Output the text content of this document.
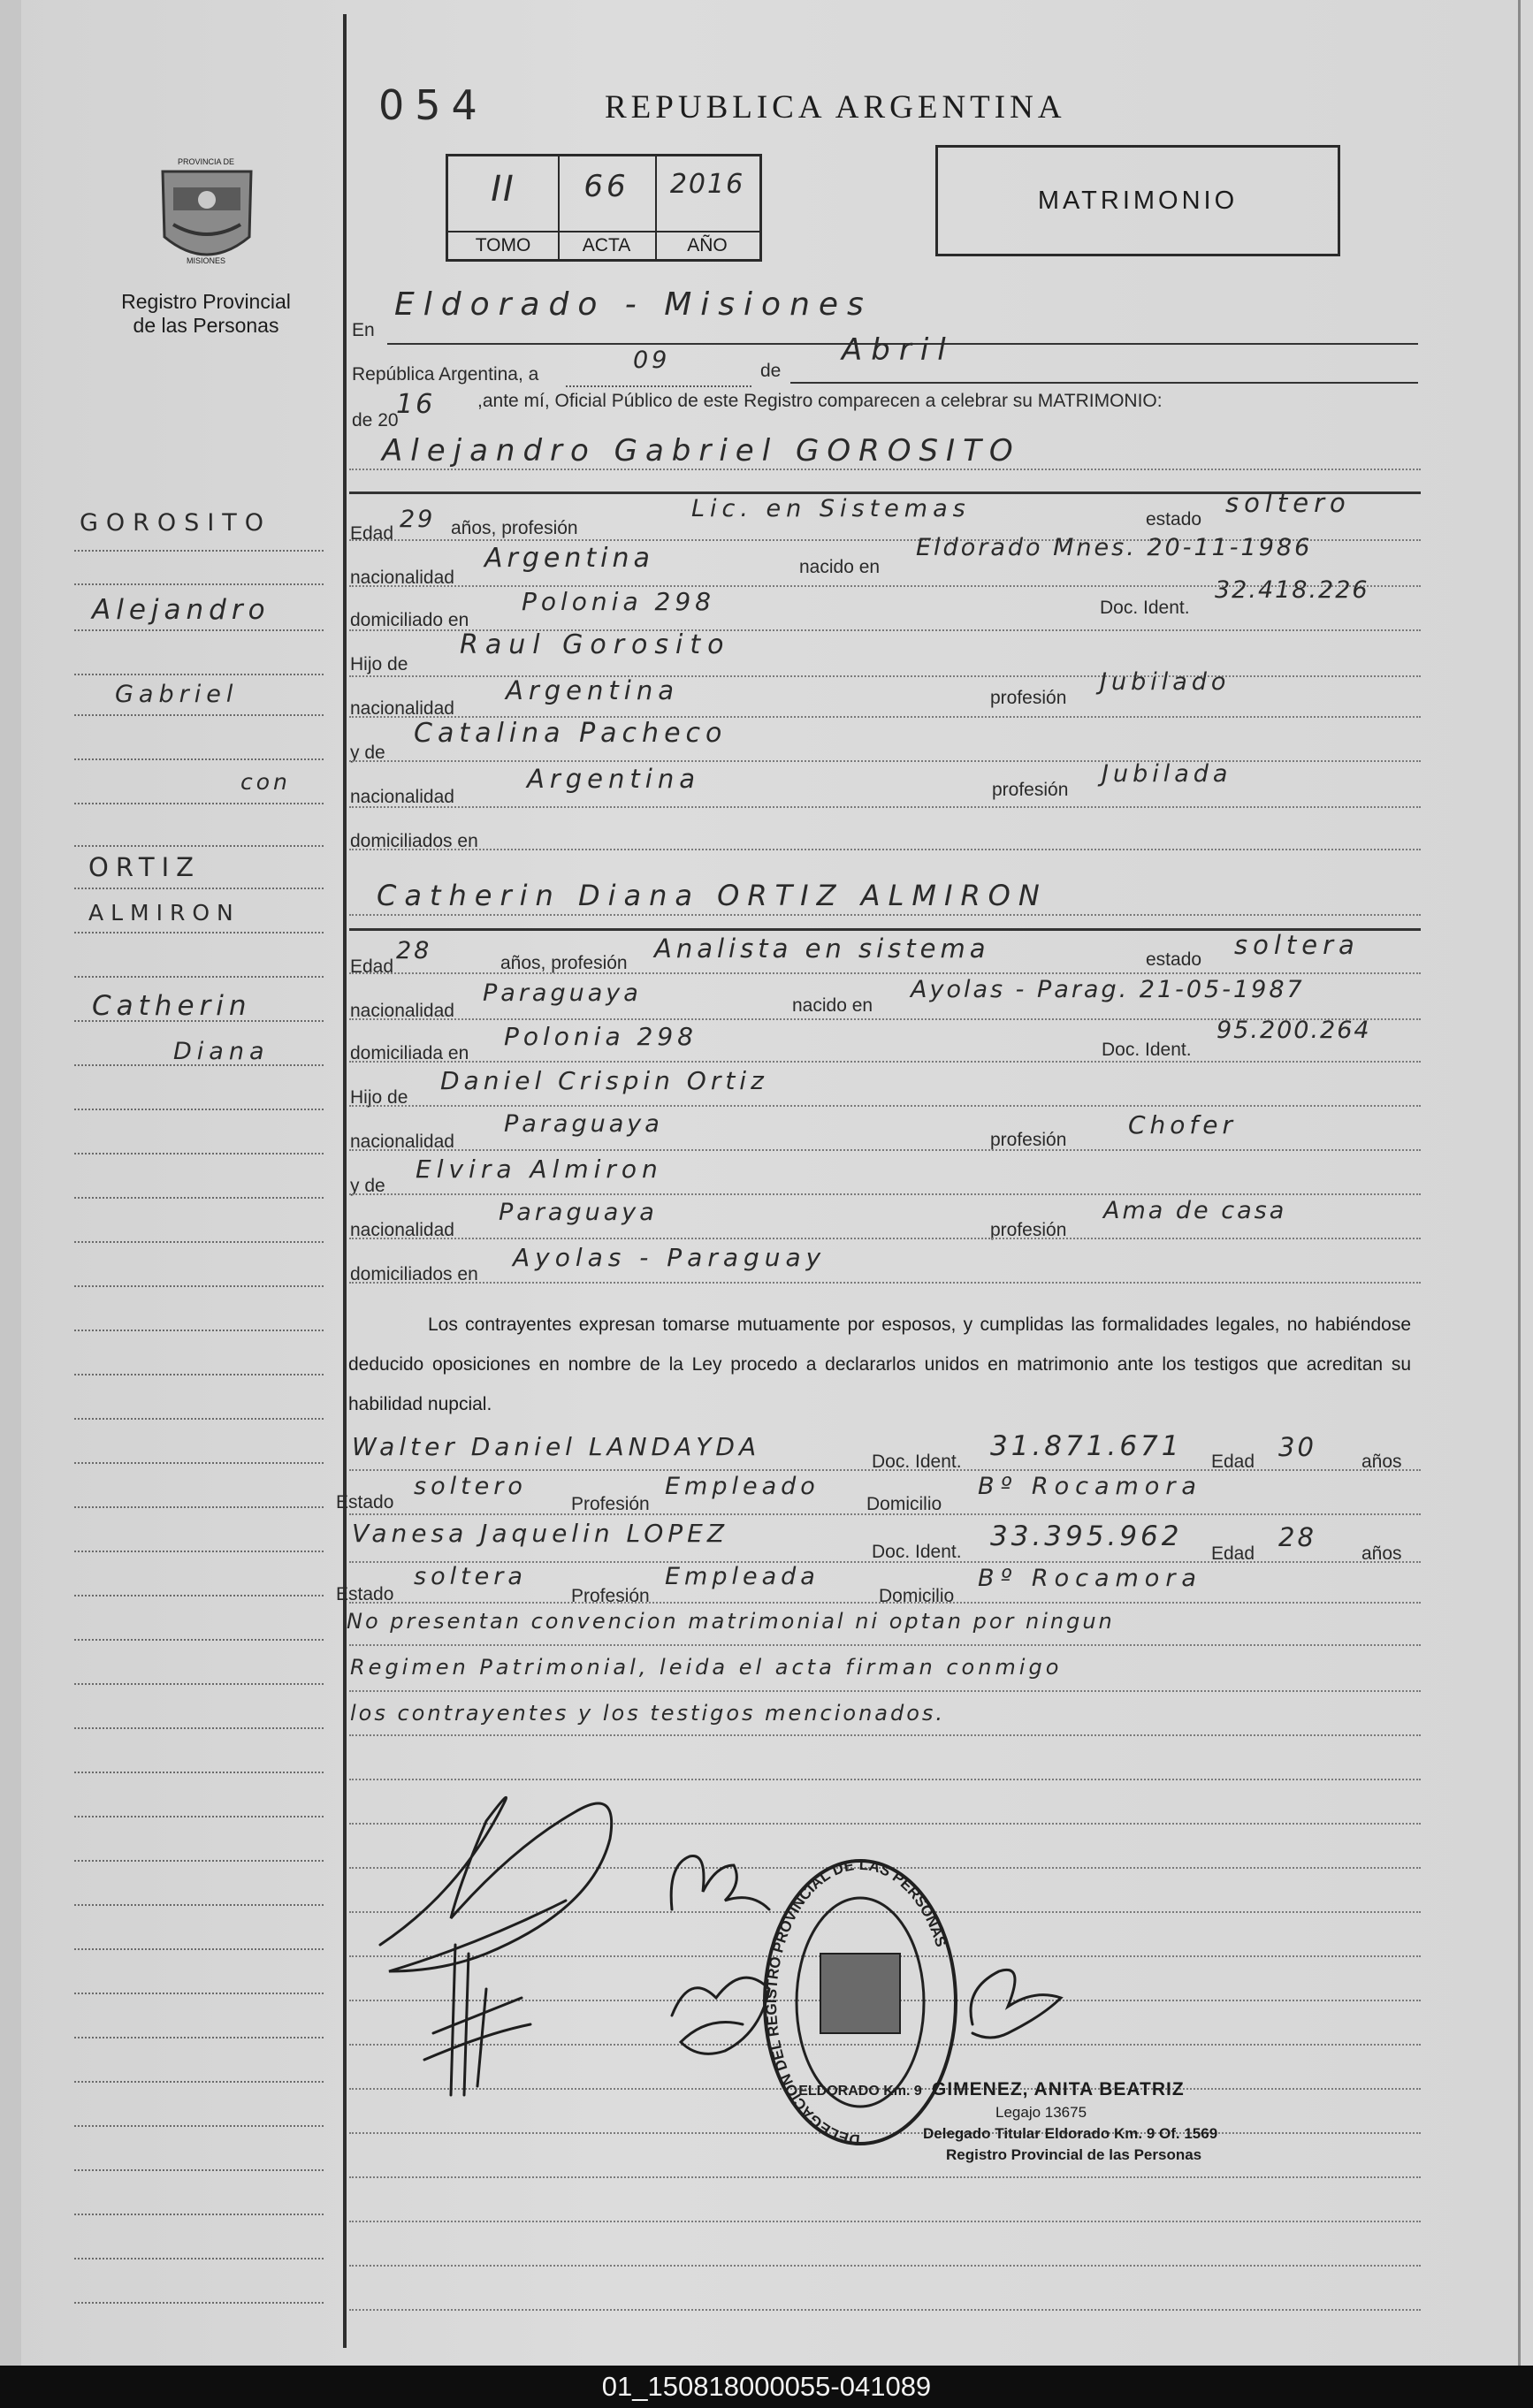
PROVINCIA DE
MISIONES
Registro Provincial
de las Personas
054	REPUBLICA ARGENTINA
II
TOMO
66
ACTA
2016
AÑO
MATRIMONIO
GOROSITO
Alejandro
Gabriel
con
ORTIZ
ALMIRON
Catherin
Diana
En
Eldorado - Misiones
República Argentina, a
09	de
Abril
de 20
16 ,ante mí, Oficial Público de este Registro comparecen a celebrar su MATRIMONIO:
Alejandro Gabriel GOROSITO
Edad
29 años, profesión
Lic. en Sistemas	estado
soltero
nacionalidad
Argentina	nacido en
Eldorado Mnes. 20-11-1986
domiciliado en
Polonia 298	Doc. Ident.
32.418.226
Hijo de
Raul Gorosito
nacionalidad
Argentina	profesión
Jubilado
y de
Catalina Pacheco
nacionalidad
Argentina	profesión
Jubilada
domiciliados en
Catherin Diana ORTIZ ALMIRON
Edad
28	años, profesión Analista en sistema	estado soltera
nacionalidad
Paraguaya	nacido en
Ayolas - Parag. 21-05-1987
domiciliada en
Polonia 298	Doc. Ident.
95.200.264
Hijo de
Daniel Crispin Ortiz
nacionalidad
Paraguaya
profesión
Chofer
y de
Elvira Almiron
nacionalidad
Paraguaya
profesión
Ama de casa
domiciliados en
Ayolas - Paraguay
Los contrayentes expresan tomarse mutuamente por esposos, y cumplidas las formalidades legales, no habiéndose deducido oposiciones en nombre de la Ley procedo a declararlos unidos en matrimonio ante los testigos que acreditan su habilidad nupcial.
Walter Daniel LANDAYDA
Doc. Ident. 31.871.671 Edad 30 años
Estado
soltero
Profesión
Empleado
Domicilio
Bº Rocamora
Vanesa Jaquelin LOPEZ
Doc. Ident. 33.395.962
Edad
28
años
Estado
soltera
Profesión
Empleada
Domicilio
Bº Rocamora
No presentan convencion matrimonial ni optan por ningun
Regimen Patrimonial, leida el acta firman conmigo
los contrayentes y los testigos mencionados.
DELEGACION DEL REGISTRO PROVINCIAL DE LAS PERSONAS
ELDORADO Km. 9 GIMENEZ, ANITA BEATRIZ
Legajo 13675
Delegado Titular Eldorado Km. 9 Of. 1569
Registro Provincial de las Personas
01_150818000055-041089
